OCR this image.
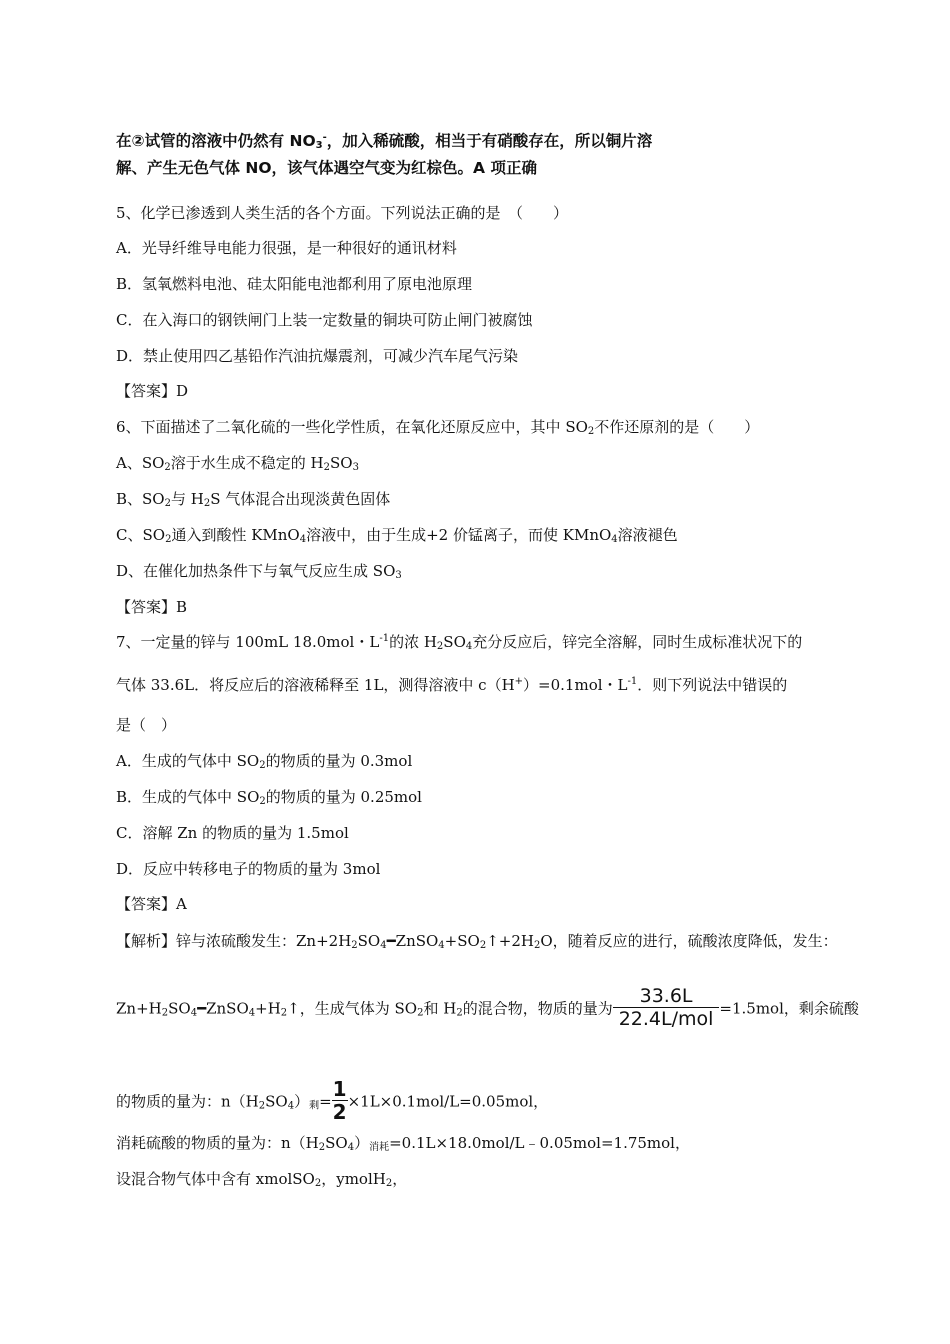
在②试管的溶液中仍然有 $NO_3^-$，加入稀硫酸，相当于有硝酸存在，所以铜片溶
解、产生无色气体 NO，该气体遇空气变为红棕色。A 项正确
5、化学已渗透到人类生活的各个方面。下列说法正确的是　（　　）
A．光导纤维导电能力很强，是一种很好的通讯材料
B．氢氧燃料电池、硅太阳能电池都利用了原电池原理
C．在入海口的钢铁闸门上装一定数量的铜块可防止闸门被腐蚀
D．禁止使用四乙基铅作汽油抗爆震剂，可减少汽车尾气污染
【答案】D
6、下面描述了二氧化硫的一些化学性质，在氧化还原反应中，其中 $SO_2$不作还原剂的是（　　）
A、$SO_2$溶于水生成不稳定的 $H_2SO_3$
B、$SO_2$与 $H_2S$ 气体混合出现淡黄色固体
C、$SO_2$通入到酸性 KMnO$_4$溶液中，由于生成+2 价锰离子，而使 KMnO$_4$溶液褪色
D、在催化加热条件下与氧气反应生成 $SO_3$
【答案】B
7、一定量的锌与 100mL 18.0mol・$L^{-1}$的浓 $H_2SO_4$充分反应后，锌完全溶解，同时生成标准状况下的
气体 33.6L．将反应后的溶液稀释至 1L，测得溶液中 c（H+）=0.1mol・$L^{-1}$．则下列说法中错误的
是（　）
A．生成的气体中 $SO_2$的物质的量为 0.3mol
B．生成的气体中 $SO_2$的物质的量为 0.25mol
C．溶解 Zn 的物质的量为 1.5mol
D．反应中转移电子的物质的量为 3mol
【答案】A
【解析】锌与浓硫酸发生：$Zn+2H_2SO_4━ZnSO_4+SO_2↑+2H_2O$，随着反应的进行，硫酸浓度降低，发生：
$Zn+H_2SO_4━ZnSO_4+H_2↑$，生成气体为 $SO_2$和 $H_2$的混合物，物质的量为 $\frac{33.6L}{\text{22.4L/mol}} =1.5mol$，剩余硫酸
的物质的量为：$n(H_2SO_4)_剩= \frac{1}{2} \times 1L\times 0.1mol/L=0.05mol$，
消耗硫酸的物质的量为：$n(H_2SO_4)_{消耗}=0.1L\times 18.0mol/L﹣0.05mol=1.75mol$，
设混合物气体中含有 xmolSO$_2$，ymolH$_2$，
